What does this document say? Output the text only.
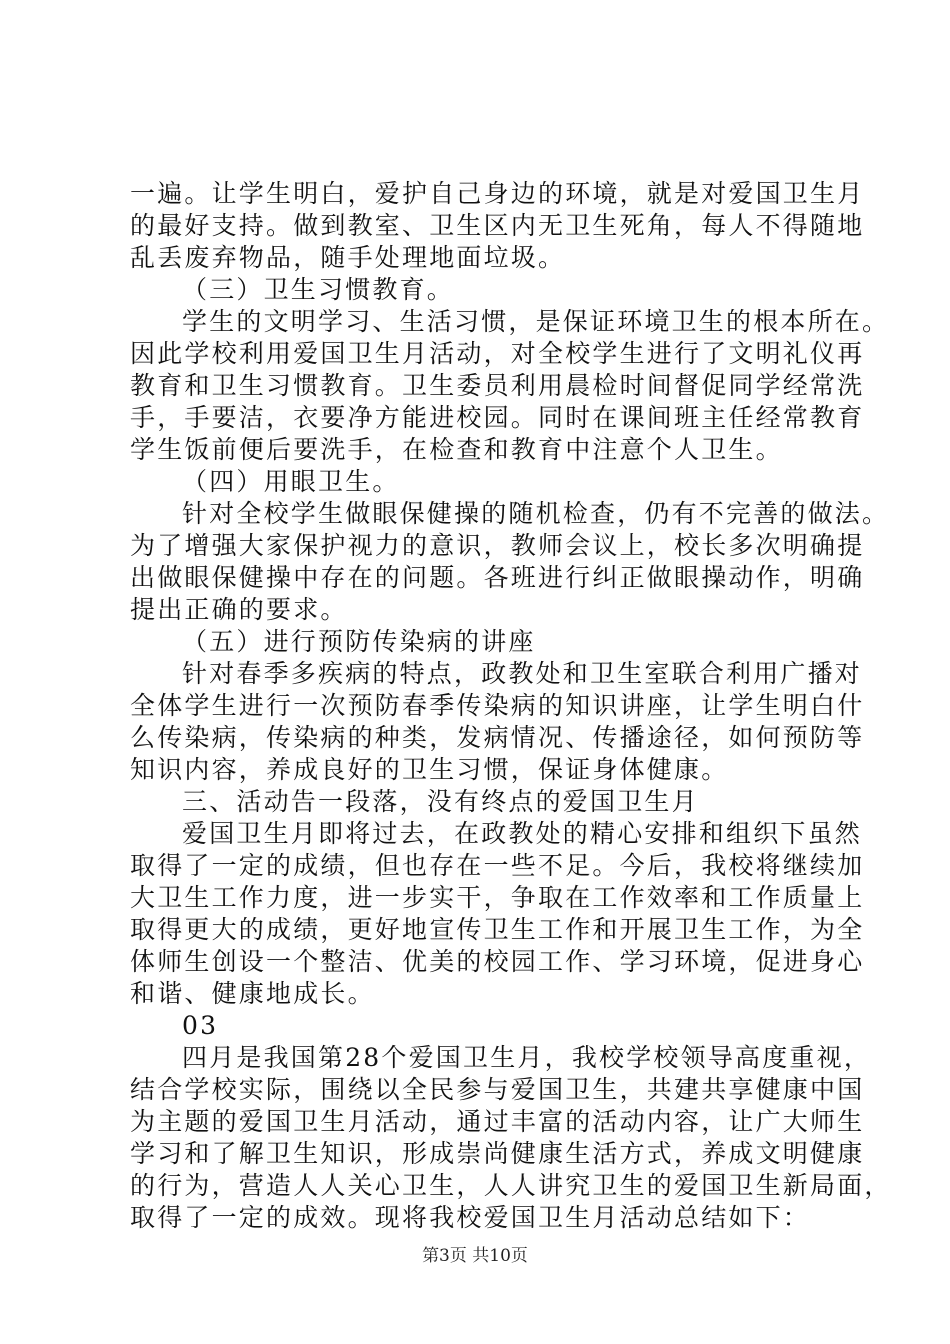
一遍。让学生明白，爱护自己身边的环境，就是对爱国卫生月
的最好支持。做到教室、卫生区内无卫生死角，每人不得随地
乱丢废弃物品，随手处理地面垃圾。
（三）卫生习惯教育。
学生的文明学习、生活习惯，是保证环境卫生的根本所在。
因此学校利用爱国卫生月活动，对全校学生进行了文明礼仪再
教育和卫生习惯教育。卫生委员利用晨检时间督促同学经常洗
手，手要洁，衣要净方能进校园。同时在课间班主任经常教育
学生饭前便后要洗手，在检查和教育中注意个人卫生。
（四）用眼卫生。
针对全校学生做眼保健操的随机检查，仍有不完善的做法。
为了增强大家保护视力的意识，教师会议上，校长多次明确提
出做眼保健操中存在的问题。各班进行纠正做眼操动作，明确
提出正确的要求。
（五）进行预防传染病的讲座
针对春季多疾病的特点，政教处和卫生室联合利用广播对
全体学生进行一次预防春季传染病的知识讲座，让学生明白什
么传染病，传染病的种类，发病情况、传播途径，如何预防等
知识内容，养成良好的卫生习惯，保证身体健康。
三、活动告一段落，没有终点的爱国卫生月
爱国卫生月即将过去，在政教处的精心安排和组织下虽然
取得了一定的成绩，但也存在一些不足。今后，我校将继续加
大卫生工作力度，进一步实干，争取在工作效率和工作质量上
取得更大的成绩，更好地宣传卫生工作和开展卫生工作，为全
体师生创设一个整洁、优美的校园工作、学习环境，促进身心
和谐、健康地成长。
03
四月是我国第28个爱国卫生月，我校学校领导高度重视，
结合学校实际，围绕以全民参与爱国卫生，共建共享健康中国
为主题的爱国卫生月活动，通过丰富的活动内容，让广大师生
学习和了解卫生知识，形成崇尚健康生活方式，养成文明健康
的行为，营造人人关心卫生，人人讲究卫生的爱国卫生新局面，
取得了一定的成效。现将我校爱国卫生月活动总结如下：
第3页 共10页
